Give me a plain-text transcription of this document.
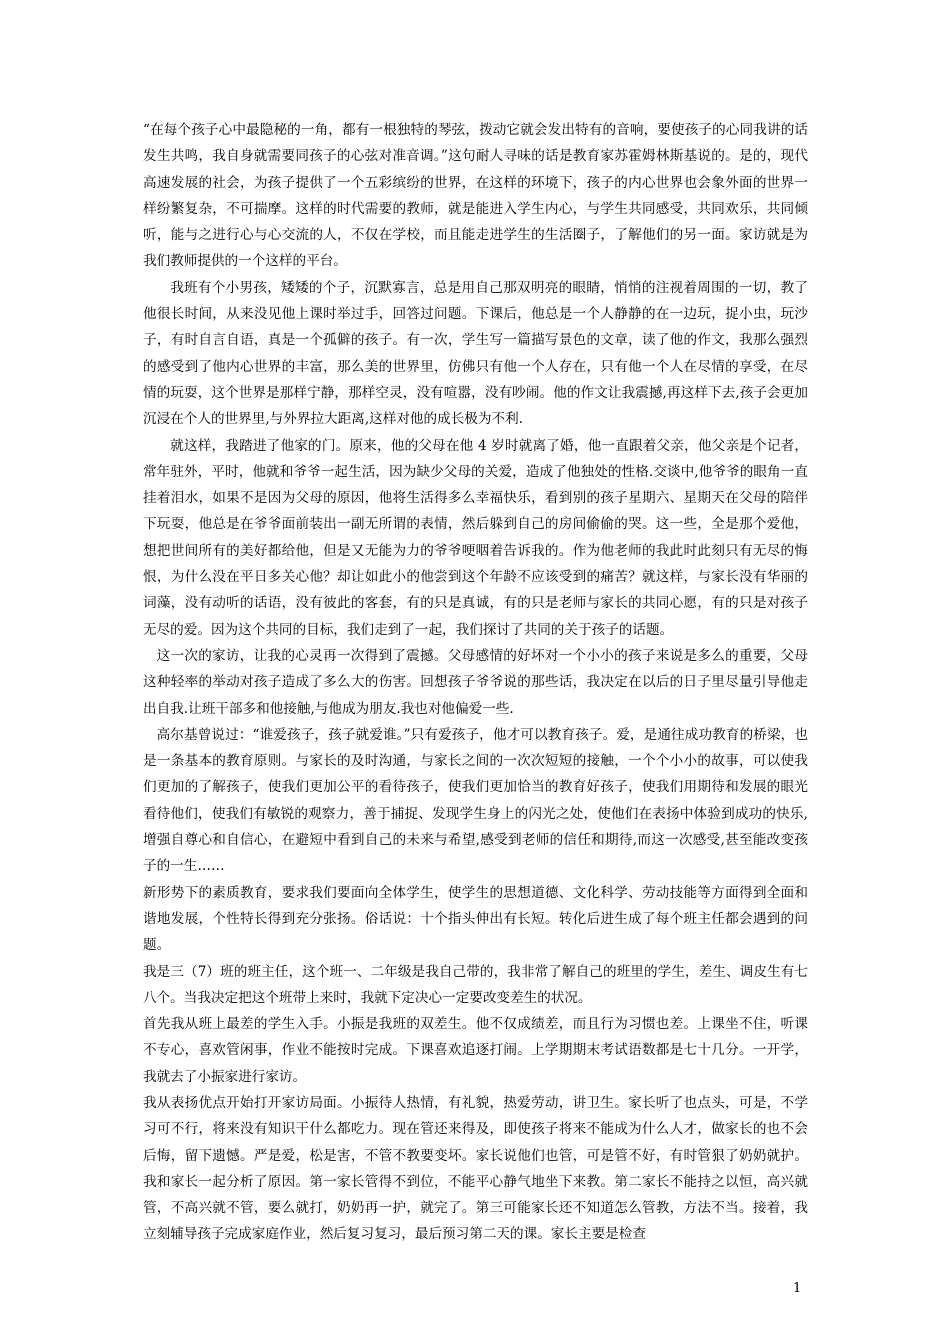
“在每个孩子心中最隐秘的一角，都有一根独特的琴弦，拨动它就会发出特有的音响，要使孩子的心同我讲的话发生共鸣，我自身就需要同孩子的心弦对准音调。”这句耐人寻味的话是教育家苏霍姆林斯基说的。是的，现代高速发展的社会，为孩子提供了一个五彩缤纷的世界，在这样的环境下，孩子的内心世界也会象外面的世界一样纷繁复杂，不可揣摩。这样的时代需要的教师，就是能进入学生内心，与学生共同感受，共同欢乐，共同倾听，能与之进行心与心交流的人，不仅在学校，而且能走进学生的生活圈子，了解他们的另一面。家访就是为我们教师提供的一个这样的平台。

我班有个小男孩，矮矮的个子，沉默寡言，总是用自己那双明亮的眼睛，悄悄的注视着周围的一切，教了他很长时间，从来没见他上课时举过手，回答过问题。下课后，他总是一个人静静的在一边玩，捉小虫，玩沙子，有时自言自语，真是一个孤僻的孩子。有一次，学生写一篇描写景色的文章，读了他的作文，我那么强烈的感受到了他内心世界的丰富，那么美的世界里，仿佛只有他一个人存在，只有他一个人在尽情的享受，在尽情的玩耍，这个世界是那样宁静，那样空灵，没有喧嚣，没有吵闹。他的作文让我震撼,再这样下去,孩子会更加沉浸在个人的世界里,与外界拉大距离,这样对他的成长极为不利.

就这样，我踏进了他家的门。原来，他的父母在他 4 岁时就离了婚，他一直跟着父亲，他父亲是个记者，常年驻外，平时，他就和爷爷一起生活，因为缺少父母的关爱，造成了他独处的性格.交谈中,他爷爷的眼角一直挂着泪水，如果不是因为父母的原因，他将生活得多么幸福快乐，看到别的孩子星期六、星期天在父母的陪伴下玩耍，他总是在爷爷面前装出一副无所谓的表情，然后躲到自己的房间偷偷的哭。这一些，全是那个爱他，想把世间所有的美好都给他，但是又无能为力的爷爷哽咽着告诉我的。作为他老师的我此时此刻只有无尽的悔恨，为什么没在平日多关心他？却让如此小的他尝到这个年龄不应该受到的痛苦？就这样，与家长没有华丽的词藻，没有动听的话语，没有彼此的客套，有的只是真诚，有的只是老师与家长的共同心愿，有的只是对孩子无尽的爱。因为这个共同的目标，我们走到了一起，我们探讨了共同的关于孩子的话题。

这一次的家访，让我的心灵再一次得到了震撼。父母感情的好坏对一个小小的孩子来说是多么的重要，父母这种轻率的举动对孩子造成了多么大的伤害。回想孩子爷爷说的那些话，我决定在以后的日子里尽量引导他走出自我.让班干部多和他接触,与他成为朋友.我也对他偏爱一些.

高尔基曾说过：“谁爱孩子，孩子就爱谁。”只有爱孩子，他才可以教育孩子。爱，是通往成功教育的桥梁，也是一条基本的教育原则。与家长的及时沟通，与家长之间的一次次短短的接触，一个个小小的故事，可以使我们更加的了解孩子，使我们更加公平的看待孩子，使我们更加恰当的教育好孩子，使我们用期待和发展的眼光看待他们，使我们有敏锐的观察力，善于捕捉、发现学生身上的闪光之处，使他们在表扬中体验到成功的快乐,增强自尊心和自信心，在避短中看到自己的未来与希望,感受到老师的信任和期待,而这一次感受,甚至能改变孩子的一生……

新形势下的素质教育，要求我们要面向全体学生，使学生的思想道德、文化科学、劳动技能等方面得到全面和谐地发展，个性特长得到充分张扬。俗话说：十个指头伸出有长短。转化后进生成了每个班主任都会遇到的问题。

我是三（7）班的班主任，这个班一、二年级是我自己带的，我非常了解自己的班里的学生，差生、调皮生有七八个。当我决定把这个班带上来时，我就下定决心一定要改变差生的状况。

首先我从班上最差的学生入手。小振是我班的双差生。他不仅成绩差，而且行为习惯也差。上课坐不住，听课不专心，喜欢管闲事，作业不能按时完成。下课喜欢追逐打闹。上学期期末考试语数都是七十几分。一开学，我就去了小振家进行家访。

我从表扬优点开始打开家访局面。小振待人热情，有礼貌，热爱劳动，讲卫生。家长听了也点头，可是，不学习可不行，将来没有知识干什么都吃力。现在管还来得及，即使孩子将来不能成为什么人才，做家长的也不会后悔，留下遗憾。严是爱，松是害，不管不教要变坏。家长说他们也管，可是管不好，有时管狠了奶奶就护。我和家长一起分析了原因。第一家长管得不到位，不能平心静气地坐下来教。第二家长不能持之以恒，高兴就管，不高兴就不管，要么就打，奶奶再一护，就完了。第三可能家长还不知道怎么管教，方法不当。接着，我立刻辅导孩子完成家庭作业，然后复习复习，最后预习第二天的课。家长主要是检查

1
